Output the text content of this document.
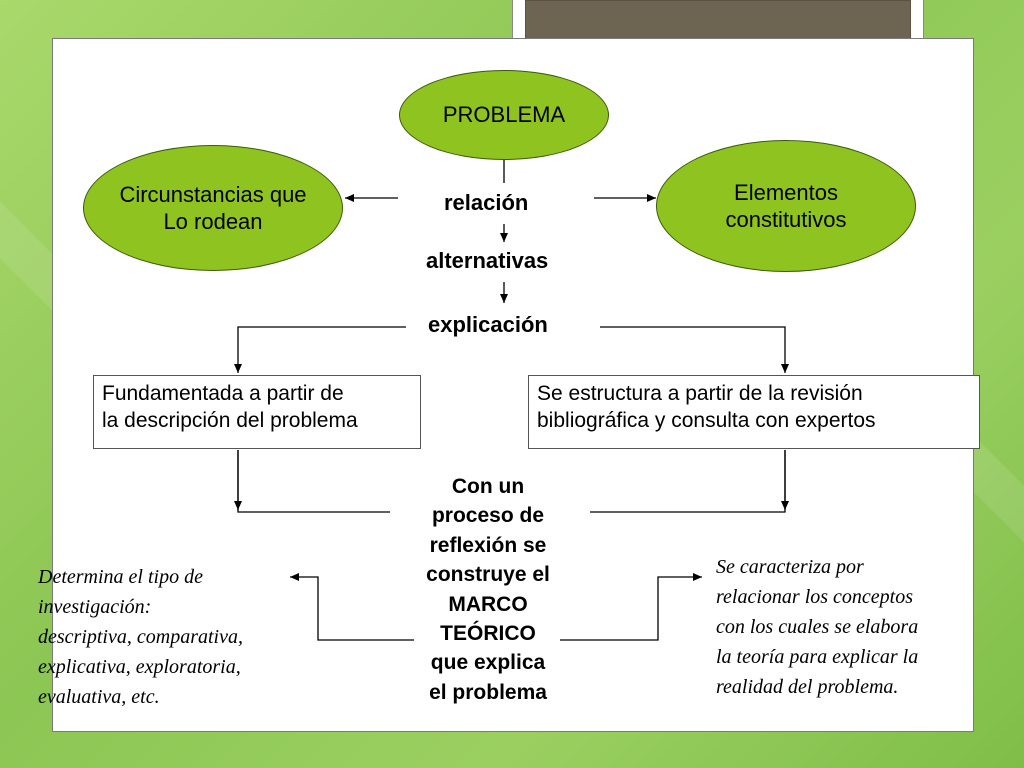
PROBLEMA
Circunstancias que
Lo rodean
Elementos
constitutivos
relación
alternativas
explicación
Fundamentada a partir de
la descripción del problema
Se estructura a partir de la revisión
bibliográfica y consulta con expertos
Con un
proceso de
reflexión se
construye el
MARCO
TEÓRICO
que explica
el problema
Determina el tipo de
investigación:
descriptiva, comparativa,
explicativa, exploratoria,
evaluativa, etc.
Se caracteriza por
relacionar los conceptos
con los cuales se elabora
la teoría para explicar la
realidad del problema.
